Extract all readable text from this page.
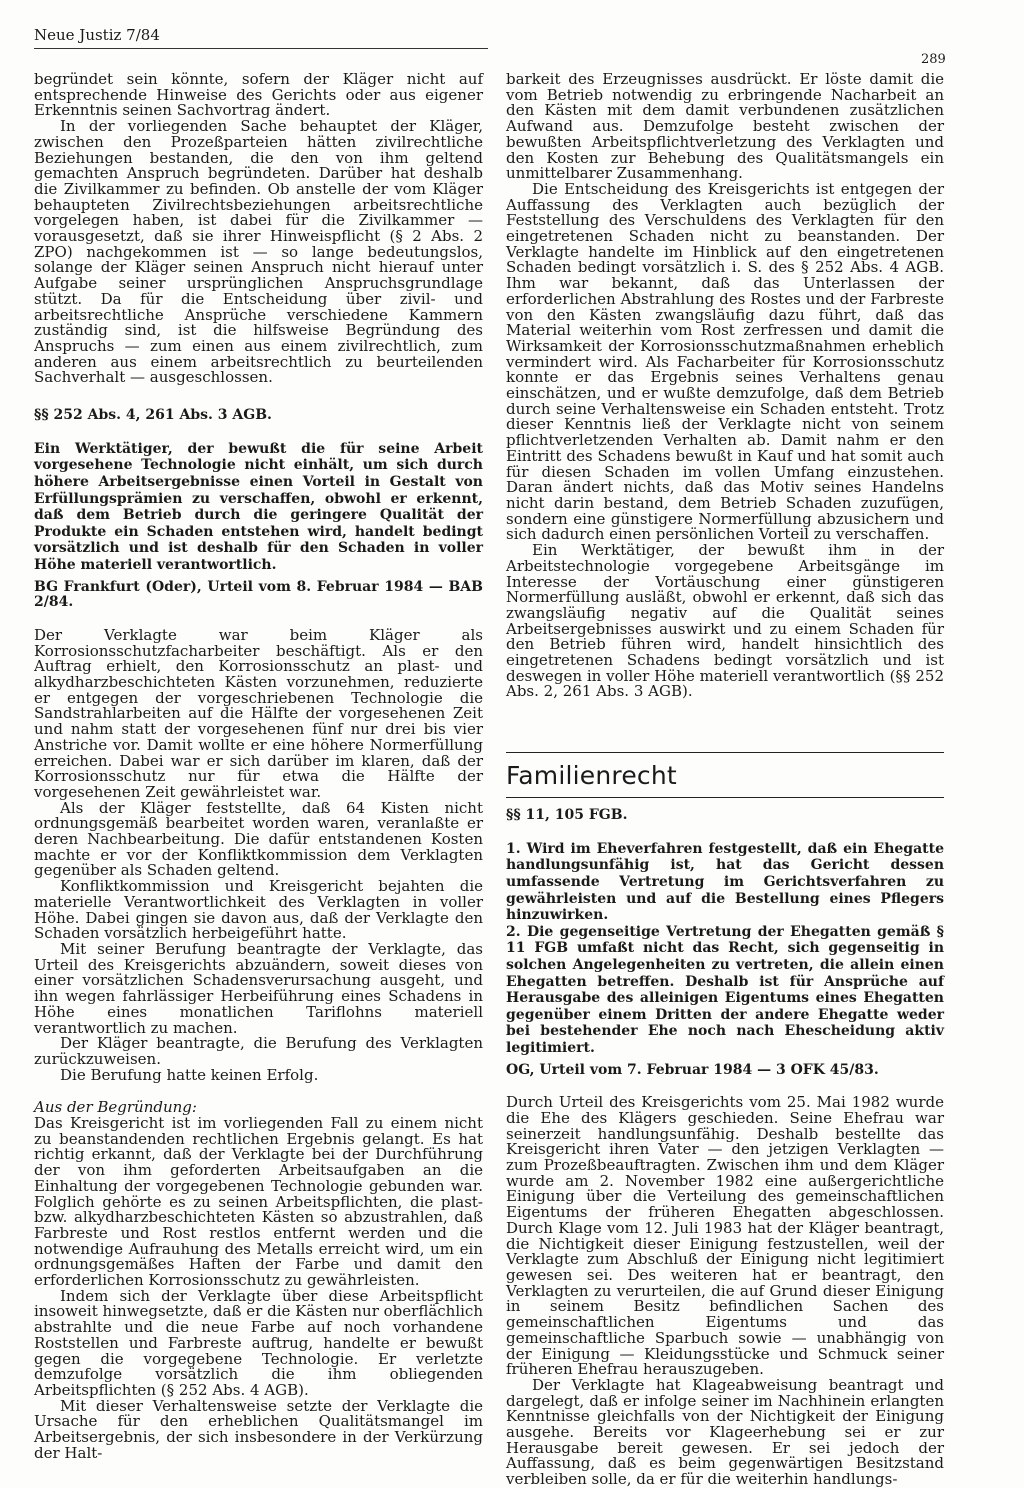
Neue Justiz 7/84
289

begründet sein könnte, sofern der Kläger nicht auf entsprechende Hinweise des Gerichts oder aus eigener Erkenntnis seinen Sachvortrag ändert.

In der vorliegenden Sache behauptet der Kläger, zwischen den Prozeßparteien hätten zivilrechtliche Beziehungen bestanden, die den von ihm geltend gemachten Anspruch begründeten. Darüber hat deshalb die Zivilkammer zu befinden. Ob anstelle der vom Kläger behaupteten Zivilrechtsbeziehungen arbeitsrechtliche vorgelegen haben, ist dabei für die Zivilkammer — vorausgesetzt, daß sie ihrer Hinweispflicht (§ 2 Abs. 2 ZPO) nachgekommen ist — so lange bedeutungslos, solange der Kläger seinen Anspruch nicht hierauf unter Aufgabe seiner ursprünglichen Anspruchsgrundlage stützt. Da für die Entscheidung über zivil- und arbeitsrechtliche Ansprüche verschiedene Kammern zuständig sind, ist die hilfsweise Begründung des Anspruchs — zum einen aus einem zivilrechtlich, zum anderen aus einem arbeitsrechtlich zu beurteilenden Sachverhalt — ausgeschlossen.

§§ 252 Abs. 4, 261 Abs. 3 AGB.

Ein Werktätiger, der bewußt die für seine Arbeit vorgesehene Technologie nicht einhält, um sich durch höhere Arbeitsergebnisse einen Vorteil in Gestalt von Erfüllungsprämien zu verschaffen, obwohl er erkennt, daß dem Betrieb durch die geringere Qualität der Produkte ein Schaden entstehen wird, handelt bedingt vorsätzlich und ist deshalb für den Schaden in voller Höhe materiell verantwortlich.

BG Frankfurt (Oder), Urteil vom 8. Februar 1984 — BAB 2/84.

Der Verklagte war beim Kläger als Korrosionsschutzfacharbeiter beschäftigt. Als er den Auftrag erhielt, den Korrosionsschutz an plast- und alkydharzbeschichteten Kästen vorzunehmen, reduzierte er entgegen der vorgeschriebenen Technologie die Sandstrahlarbeiten auf die Hälfte der vorgesehenen Zeit und nahm statt der vorgesehenen fünf nur drei bis vier Anstriche vor. Damit wollte er eine höhere Normerfüllung erreichen. Dabei war er sich darüber im klaren, daß der Korrosionsschutz nur für etwa die Hälfte der vorgesehenen Zeit gewährleistet war.

Als der Kläger feststellte, daß 64 Kisten nicht ordnungsgemäß bearbeitet worden waren, veranlaßte er deren Nachbearbeitung. Die dafür entstandenen Kosten machte er vor der Konfliktkommission dem Verklagten gegenüber als Schaden geltend.

Konfliktkommission und Kreisgericht bejahten die materielle Verantwortlichkeit des Verklagten in voller Höhe. Dabei gingen sie davon aus, daß der Verklagte den Schaden vorsätzlich herbeigeführt hatte.

Mit seiner Berufung beantragte der Verklagte, das Urteil des Kreisgerichts abzuändern, soweit dieses von einer vorsätzlichen Schadensverursachung ausgeht, und ihn wegen fahrlässiger Herbeiführung eines Schadens in Höhe eines monatlichen Tariflohns materiell verantwortlich zu machen.

Der Kläger beantragte, die Berufung des Verklagten zurückzuweisen.

Die Berufung hatte keinen Erfolg.

Aus der Begründung:

Das Kreisgericht ist im vorliegenden Fall zu einem nicht zu beanstandenden rechtlichen Ergebnis gelangt. Es hat richtig erkannt, daß der Verklagte bei der Durchführung der von ihm geforderten Arbeitsaufgaben an die Einhaltung der vorgegebenen Technologie gebunden war. Folglich gehörte es zu seinen Arbeitspflichten, die plast- bzw. alkydharzbeschichteten Kästen so abzustrahlen, daß Farbreste und Rost restlos entfernt werden und die notwendige Aufrauhung des Metalls erreicht wird, um ein ordnungsgemäßes Haften der Farbe und damit den erforderlichen Korrosionsschutz zu gewährleisten.

Indem sich der Verklagte über diese Arbeitspflicht insoweit hinwegsetzte, daß er die Kästen nur oberflächlich abstrahlte und die neue Farbe auf noch vorhandene Roststellen und Farbreste auftrug, handelte er bewußt gegen die vorgegebene Technologie. Er verletzte demzufolge vorsätzlich die ihm obliegenden Arbeitspflichten (§ 252 Abs. 4 AGB).

Mit dieser Verhaltensweise setzte der Verklagte die Ursache für den erheblichen Qualitätsmangel im Arbeitsergebnis, der sich insbesondere in der Verkürzung der Halt-

barkeit des Erzeugnisses ausdrückt. Er löste damit die vom Betrieb notwendig zu erbringende Nacharbeit an den Kästen mit dem damit verbundenen zusätzlichen Aufwand aus. Demzufolge besteht zwischen der bewußten Arbeitspflichtverletzung des Verklagten und den Kosten zur Behebung des Qualitätsmangels ein unmittelbarer Zusammenhang.

Die Entscheidung des Kreisgerichts ist entgegen der Auffassung des Verklagten auch bezüglich der Feststellung des Verschuldens des Verklagten für den eingetretenen Schaden nicht zu beanstanden. Der Verklagte handelte im Hinblick auf den eingetretenen Schaden bedingt vorsätzlich i. S. des § 252 Abs. 4 AGB. Ihm war bekannt, daß das Unterlassen der erforderlichen Abstrahlung des Rostes und der Farbreste von den Kästen zwangsläufig dazu führt, daß das Material weiterhin vom Rost zerfressen und damit die Wirksamkeit der Korrosionsschutzmaßnahmen erheblich vermindert wird. Als Facharbeiter für Korrosionsschutz konnte er das Ergebnis seines Verhaltens genau einschätzen, und er wußte demzufolge, daß dem Betrieb durch seine Verhaltensweise ein Schaden entsteht. Trotz dieser Kenntnis ließ der Verklagte nicht von seinem pflichtverletzenden Verhalten ab. Damit nahm er den Eintritt des Schadens bewußt in Kauf und hat somit auch für diesen Schaden im vollen Umfang einzustehen. Daran ändert nichts, daß das Motiv seines Handelns nicht darin bestand, dem Betrieb Schaden zuzufügen, sondern eine günstigere Normerfüllung abzusichern und sich dadurch einen persönlichen Vorteil zu verschaffen.

Ein Werktätiger, der bewußt ihm in der Arbeitstechnologie vorgegebene Arbeitsgänge im Interesse der Vortäuschung einer günstigeren Normerfüllung ausläßt, obwohl er erkennt, daß sich das zwangsläufig negativ auf die Qualität seines Arbeitsergebnisses auswirkt und zu einem Schaden für den Betrieb führen wird, handelt hinsichtlich des eingetretenen Schadens bedingt vorsätzlich und ist deswegen in voller Höhe materiell verantwortlich (§§ 252 Abs. 2, 261 Abs. 3 AGB).

Familienrecht

§§ 11, 105 FGB.

1. Wird im Eheverfahren festgestellt, daß ein Ehegatte handlungsunfähig ist, hat das Gericht dessen umfassende Vertretung im Gerichtsverfahren zu gewährleisten und auf die Bestellung eines Pflegers hinzuwirken.

2. Die gegenseitige Vertretung der Ehegatten gemäß § 11 FGB umfaßt nicht das Recht, sich gegenseitig in solchen Angelegenheiten zu vertreten, die allein einen Ehegatten betreffen. Deshalb ist für Ansprüche auf Herausgabe des alleinigen Eigentums eines Ehegatten gegenüber einem Dritten der andere Ehegatte weder bei bestehender Ehe noch nach Ehescheidung aktiv legitimiert.

OG, Urteil vom 7. Februar 1984 — 3 OFK 45/83.

Durch Urteil des Kreisgerichts vom 25. Mai 1982 wurde die Ehe des Klägers geschieden. Seine Ehefrau war seinerzeit handlungsunfähig. Deshalb bestellte das Kreisgericht ihren Vater — den jetzigen Verklagten — zum Prozeßbeauftragten. Zwischen ihm und dem Kläger wurde am 2. November 1982 eine außergerichtliche Einigung über die Verteilung des gemeinschaftlichen Eigentums der früheren Ehegatten abgeschlossen. Durch Klage vom 12. Juli 1983 hat der Kläger beantragt, die Nichtigkeit dieser Einigung festzustellen, weil der Verklagte zum Abschluß der Einigung nicht legitimiert gewesen sei. Des weiteren hat er beantragt, den Verklagten zu verurteilen, die auf Grund dieser Einigung in seinem Besitz befindlichen Sachen des gemeinschaftlichen Eigentums und das gemeinschaftliche Sparbuch sowie — unabhängig von der Einigung — Kleidungsstücke und Schmuck seiner früheren Ehefrau herauszugeben.

Der Verklagte hat Klageabweisung beantragt und dargelegt, daß er infolge seiner im Nachhinein erlangten Kenntnisse gleichfalls von der Nichtigkeit der Einigung ausgehe. Bereits vor Klageerhebung sei er zur Herausgabe bereit gewesen. Er sei jedoch der Auffassung, daß es beim gegenwärtigen Besitzstand verbleiben solle, da er für die weiterhin handlungs-
